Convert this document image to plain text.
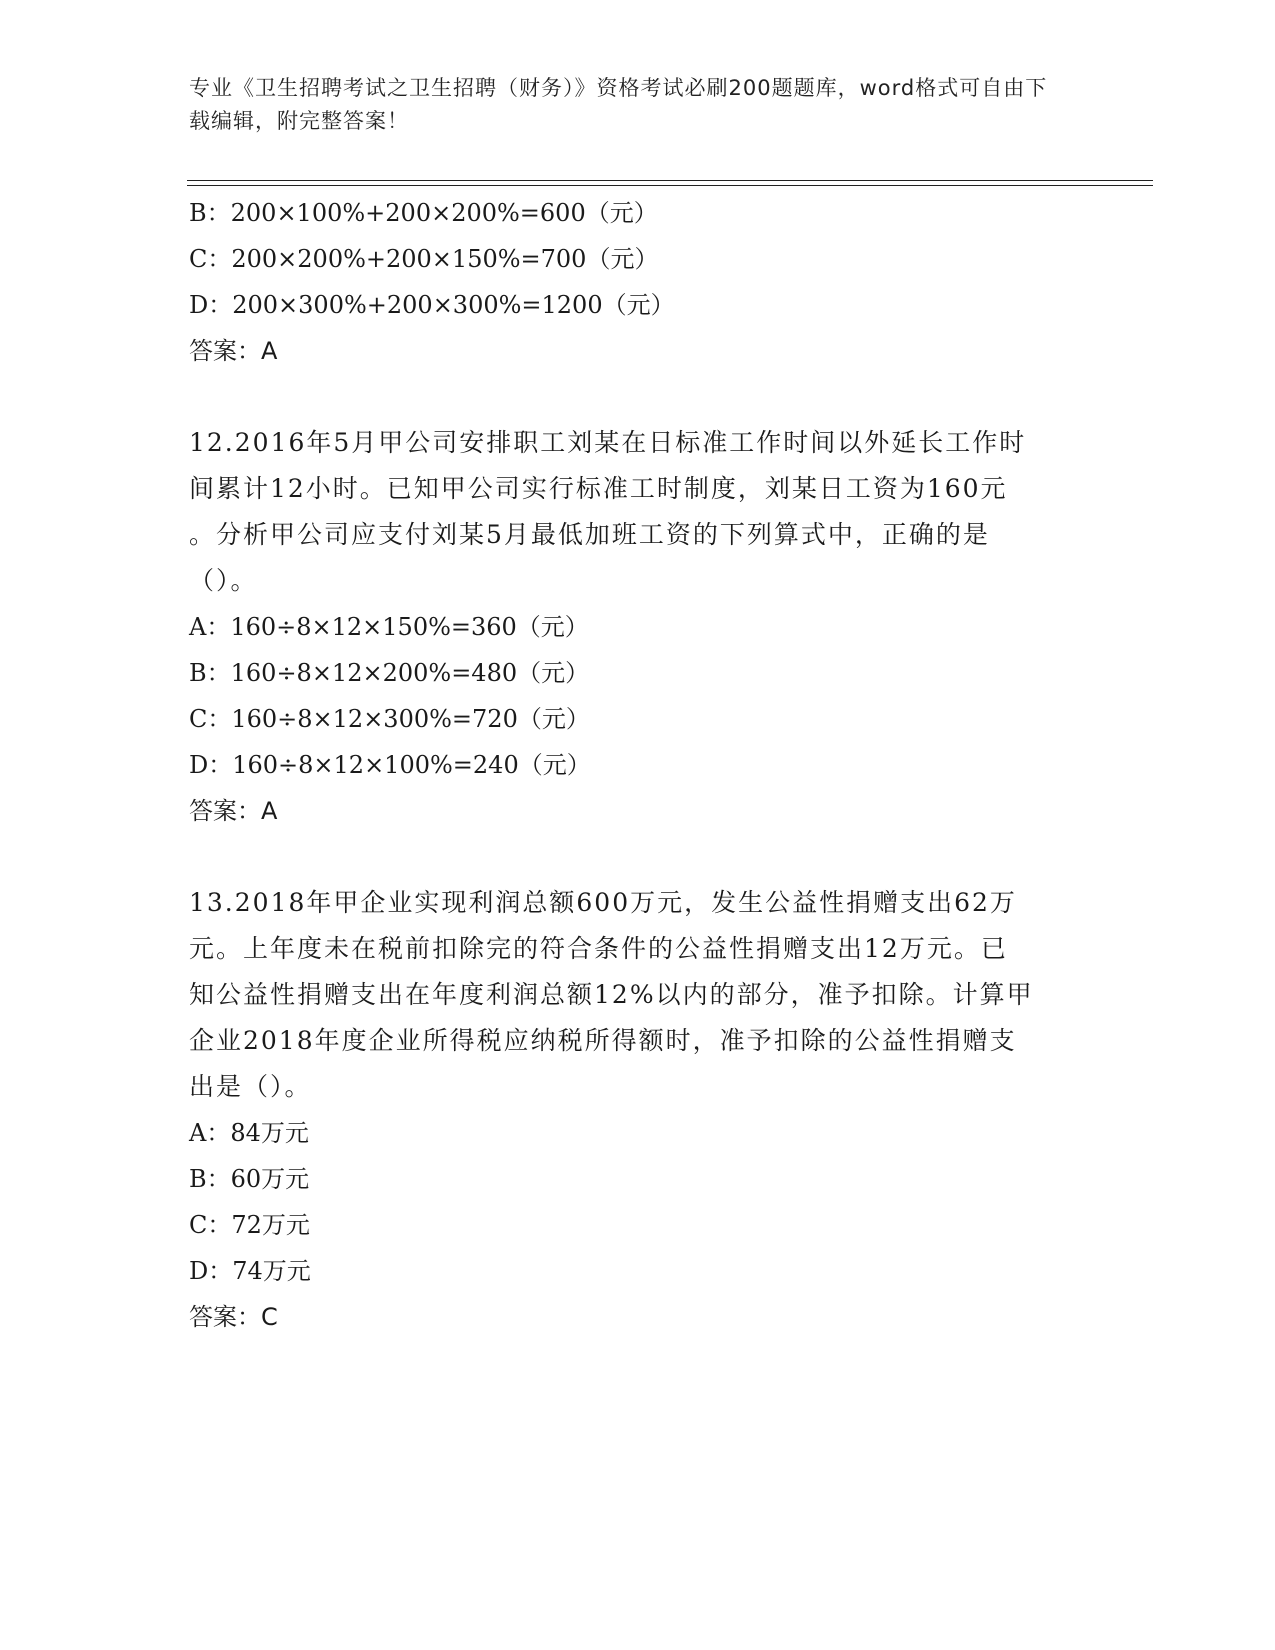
专业《卫生招聘考试之卫生招聘（财务）》资格考试必刷200题题库，word格式可自由下载编辑，附完整答案！
B：200×100%+200×200%=600（元）
C：200×200%+200×150%=700（元）
D：200×300%+200×300%=1200（元）
答案：A
12.2016年5月甲公司安排职工刘某在日标准工作时间以外延长工作时
间累计12小时。已知甲公司实行标准工时制度，刘某日工资为160元
。分析甲公司应支付刘某5月最低加班工资的下列算式中，正确的是
（）。
A：160÷8×12×150%=360（元）
B：160÷8×12×200%=480（元）
C：160÷8×12×300%=720（元）
D：160÷8×12×100%=240（元）
答案：A
13.2018年甲企业实现利润总额600万元，发生公益性捐赠支出62万
元。上年度未在税前扣除完的符合条件的公益性捐赠支出12万元。已
知公益性捐赠支出在年度利润总额12%以内的部分，准予扣除。计算甲
企业2018年度企业所得税应纳税所得额时，准予扣除的公益性捐赠支
出是（）。
A：84万元
B：60万元
C：72万元
D：74万元
答案：C
